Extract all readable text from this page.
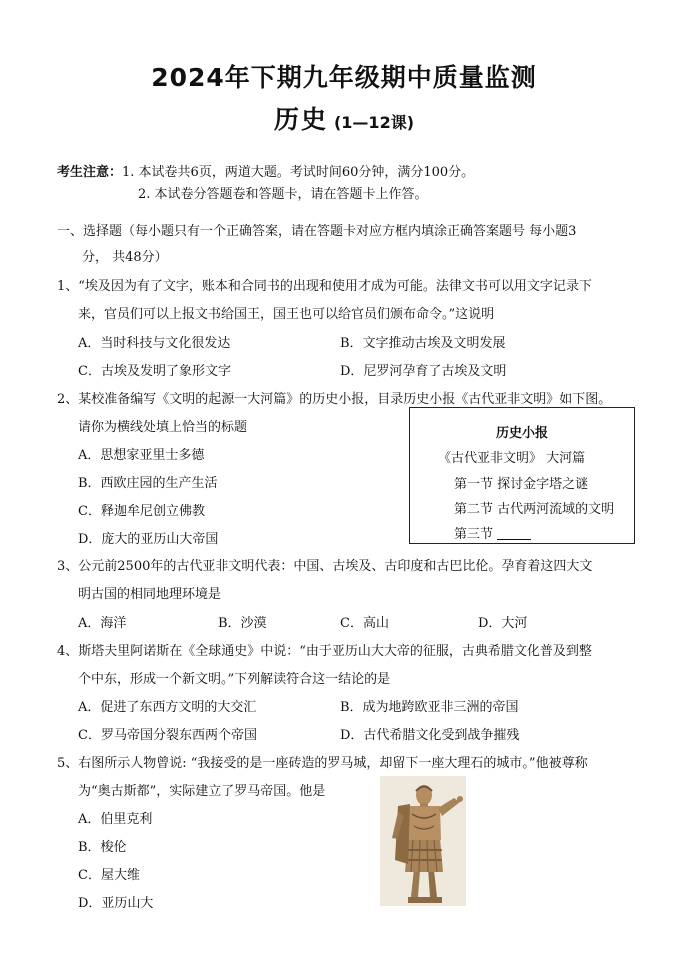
2024年下期九年级期中质量监测
历史 (1—12课)
考生注意：1. 本试卷共6页，两道大题。考试时间60分钟，满分100分。
2. 本试卷分答题卷和答题卡，请在答题卡上作答。
一、选择题（每小题只有一个正确答案，请在答题卡对应方框内填涂正确答案题号 每小题3
分， 共48分）
1、“埃及因为有了文字，账本和合同书的出现和使用才成为可能。法律文书可以用文字记录下
来，官员们可以上报文书给国王，国王也可以给官员们颁布命令。”这说明
A．当时科技与文化很发达	B．文字推动古埃及文明发展
C．古埃及发明了象形文字	D．尼罗河孕育了古埃及文明
2、某校准备编写《文明的起源一大河篇》的历史小报，目录历史小报《古代亚非文明》如下图。
请你为横线处填上恰当的标题
A．思想家亚里士多德
B．西欧庄园的生产生活
C．释迦牟尼创立佛教
D．庞大的亚历山大帝国
历史小报
《古代亚非文明》 大河篇
第一节 探讨金字塔之谜
第二节 古代两河流域的文明
第三节
3、公元前2500年的古代亚非文明代表：中国、古埃及、古印度和古巴比伦。孕育着这四大文
明古国的相同地理环境是
A．海洋	B．沙漠	C．高山	D．大河
4、斯塔夫里阿诺斯在《全球通史》中说：“由于亚历山大大帝的征服，古典希腊文化普及到整
个中东，形成一个新文明。”下列解读符合这一结论的是
A．促进了东西方文明的大交汇	B．成为地跨欧亚非三洲的帝国
C．罗马帝国分裂东西两个帝国	D．古代希腊文化受到战争摧残
5、右图所示人物曾说: “我接受的是一座砖造的罗马城，却留下一座大理石的城市。”他被尊称
为“奥古斯都”，实际建立了罗马帝国。他是
A．伯里克利
B．梭伦
C．屋大维
D．亚历山大
